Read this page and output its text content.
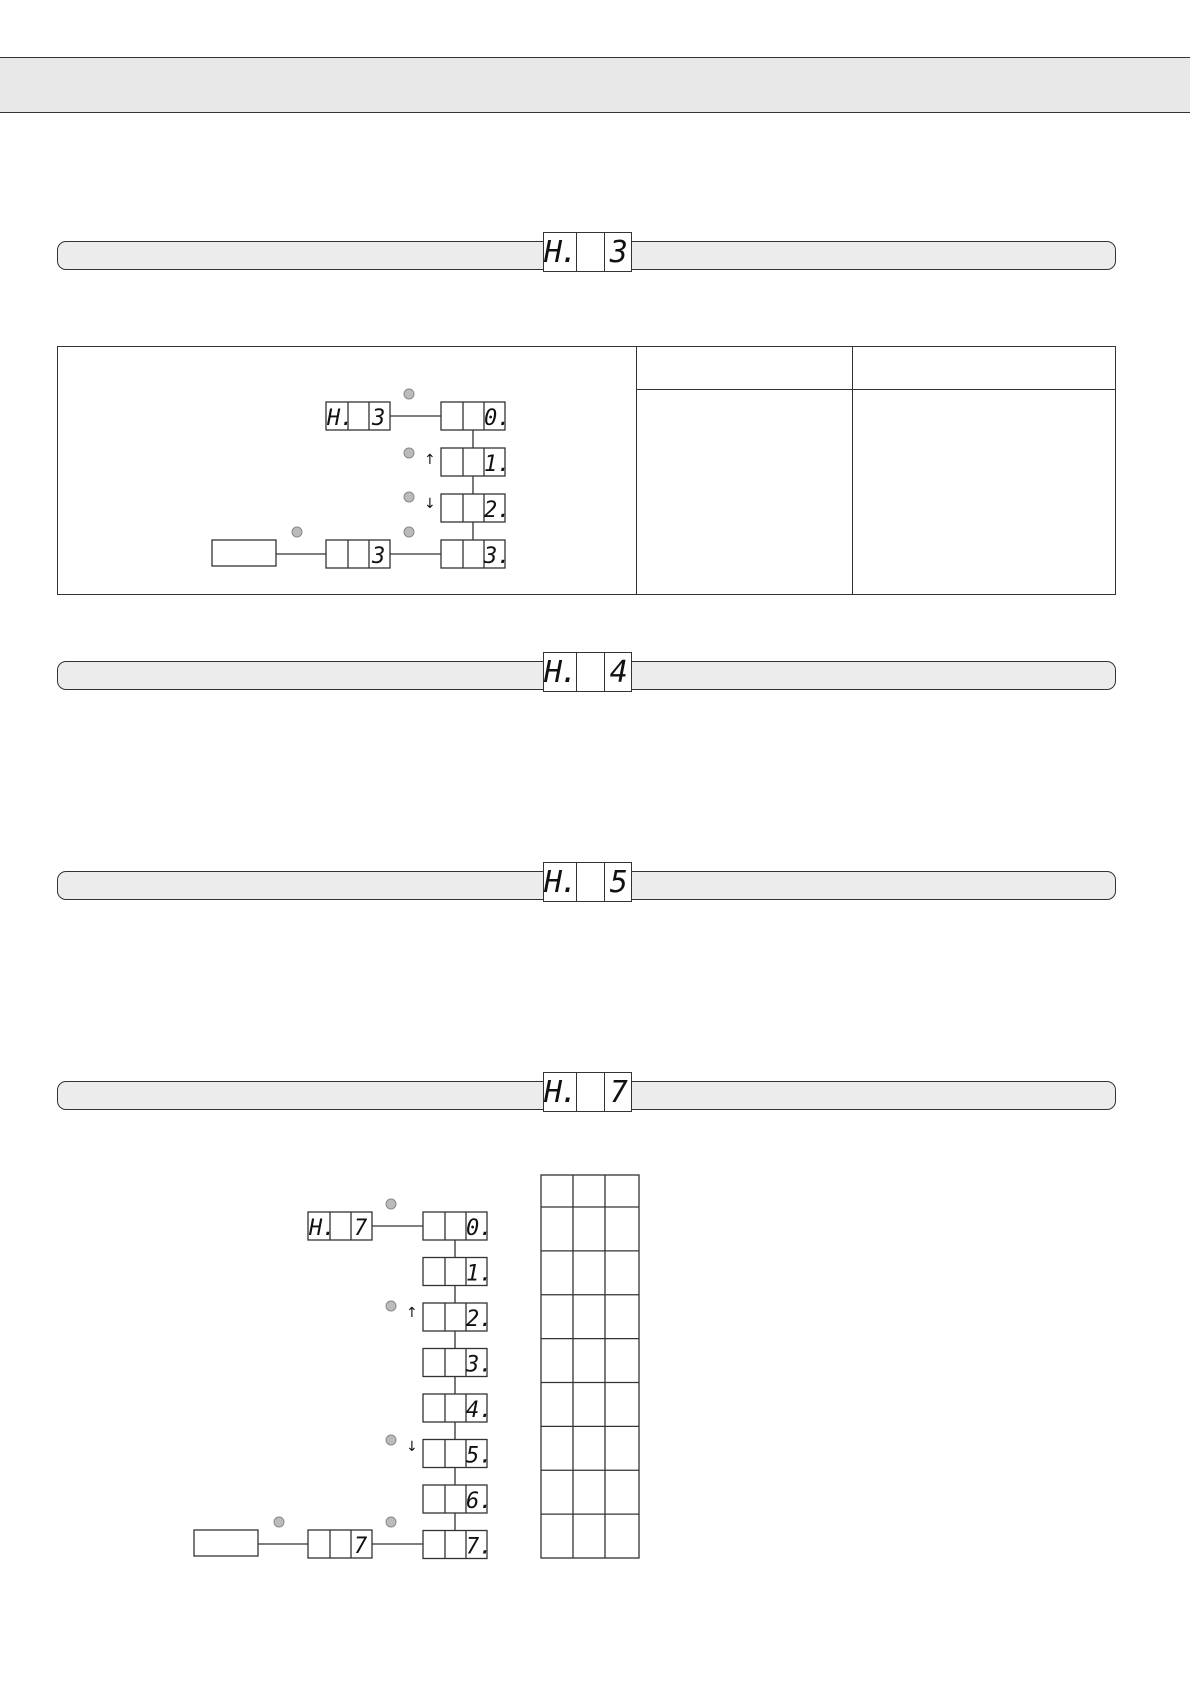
H. 3
H. 3	0.
1.
2.
3.
3
↑
↓
H. 7
7
↑
↓
0.
1.
2.
3.
4.
5.
6.
7.
H. 4
H. 5
H. 7
